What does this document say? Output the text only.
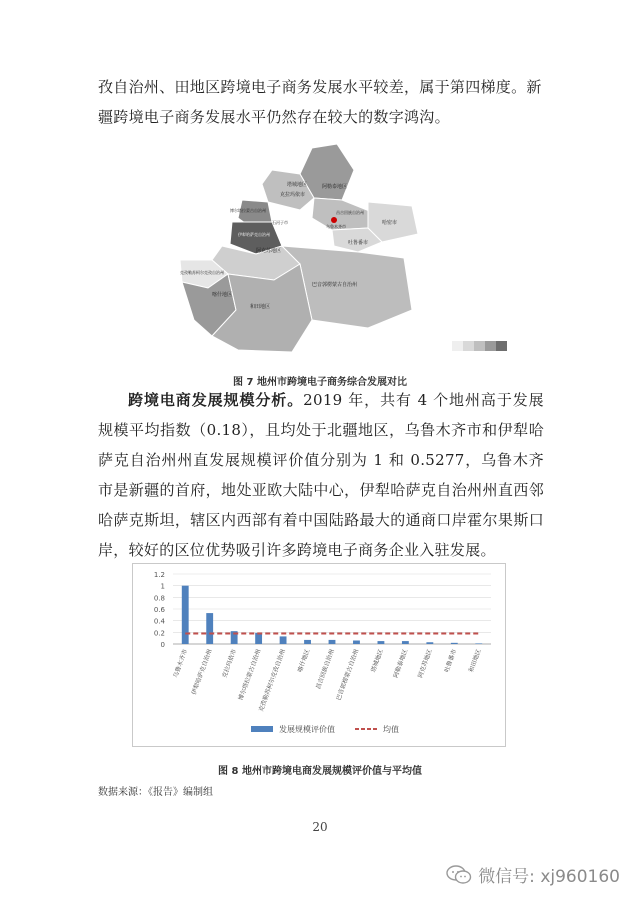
孜自治州、田地区跨境电子商务发展水平较差，属于第四梯度。新

疆跨境电子商务发展水平仍然存在较大的数字鸿沟。

塔城地区	阿勒泰地区
克拉玛依市
博尔塔拉蒙古自治州
石河子市
昌吉回族自治州
乌鲁木齐市
哈密市
吐鲁番市
伊犁哈萨克自治州
阿克苏地区
巴音郭楞蒙古自治州
克孜勒苏柯尔克孜自治州
喀什地区
和田地区
图 7 地州市跨境电子商务综合发展对比

跨境电商发展规模分析。2019 年，共有 4 个地州高于发展规模平均指数（0.18），且均处于北疆地区，乌鲁木齐市和伊犁哈萨克自治州州直发展规模评价值分别为 1 和 0.5277，乌鲁木齐市是新疆的首府，地处亚欧大陆中心，伊犁哈萨克自治州州直西邻哈萨克斯坦，辖区内西部有着中国陆路最大的通商口岸霍尔果斯口岸，较好的区位优势吸引许多跨境电子商务企业入驻发展。

0
0.2
0.4
0.6
0.8
1
1.2
乌鲁木齐市 伊犁哈萨克自治州 克拉玛依市 博尔塔拉蒙古自治州
克孜勒苏柯尔克孜自治州 喀什地区 昌吉回族自治州 巴音郭楞蒙古自治州 塔城地区 阿勒泰地区 阿克苏地区 吐鲁番市 和田地区
发展规模评价值	均值
图 8 地州市跨境电商发展规模评价值与平均值
数据来源：《报告》编制组
20
微信号: xj960160
